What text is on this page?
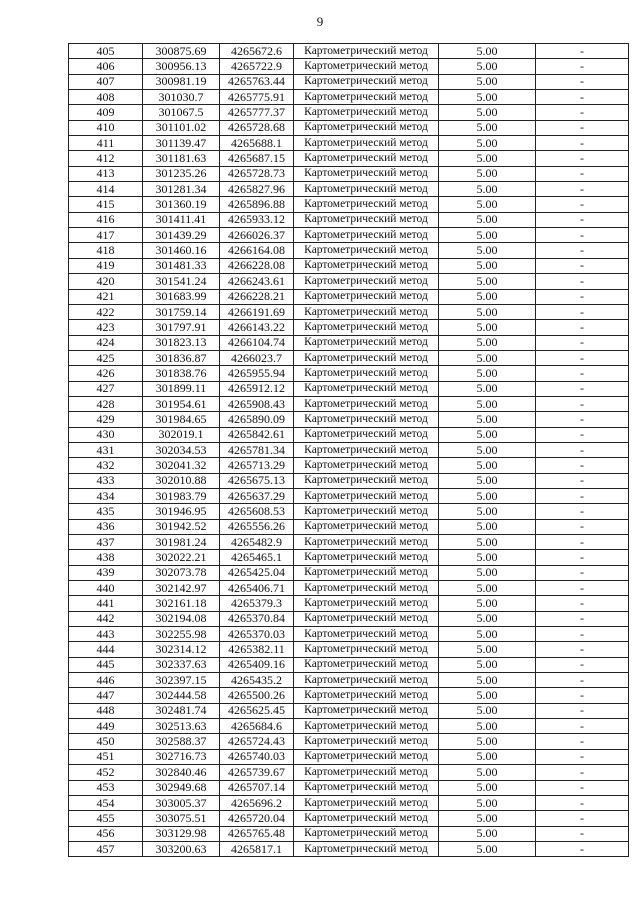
9
405	300875.69	4265672.6	Картометрический метод	5.00	-
406	300956.13	4265722.9	Картометрический метод	5.00	-
407	300981.19	4265763.44	Картометрический метод	5.00	-
408	301030.7	4265775.91	Картометрический метод	5.00	-
409	301067.5	4265777.37	Картометрический метод	5.00	-
410	301101.02	4265728.68	Картометрический метод	5.00	-
411	301139.47	4265688.1	Картометрический метод	5.00	-
412	301181.63	4265687.15	Картометрический метод	5.00	-
413	301235.26	4265728.73	Картометрический метод	5.00	-
414	301281.34	4265827.96	Картометрический метод	5.00	-
415	301360.19	4265896.88	Картометрический метод	5.00	-
416	301411.41	4265933.12	Картометрический метод	5.00	-
417	301439.29	4266026.37	Картометрический метод	5.00	-
418	301460.16	4266164.08	Картометрический метод	5.00	-
419	301481.33	4266228.08	Картометрический метод	5.00	-
420	301541.24	4266243.61	Картометрический метод	5.00	-
421	301683.99	4266228.21	Картометрический метод	5.00	-
422	301759.14	4266191.69	Картометрический метод	5.00	-
423	301797.91	4266143.22	Картометрический метод	5.00	-
424	301823.13	4266104.74	Картометрический метод	5.00	-
425	301836.87	4266023.7	Картометрический метод	5.00	-
426	301838.76	4265955.94	Картометрический метод	5.00	-
427	301899.11	4265912.12	Картометрический метод	5.00	-
428	301954.61	4265908.43	Картометрический метод	5.00	-
429	301984.65	4265890.09	Картометрический метод	5.00	-
430	302019.1	4265842.61	Картометрический метод	5.00	-
431	302034.53	4265781.34	Картометрический метод	5.00	-
432	302041.32	4265713.29	Картометрический метод	5.00	-
433	302010.88	4265675.13	Картометрический метод	5.00	-
434	301983.79	4265637.29	Картометрический метод	5.00	-
435	301946.95	4265608.53	Картометрический метод	5.00	-
436	301942.52	4265556.26	Картометрический метод	5.00	-
437	301981.24	4265482.9	Картометрический метод	5.00	-
438	302022.21	4265465.1	Картометрический метод	5.00	-
439	302073.78	4265425.04	Картометрический метод	5.00	-
440	302142.97	4265406.71	Картометрический метод	5.00	-
441	302161.18	4265379.3	Картометрический метод	5.00	-
442	302194.08	4265370.84	Картометрический метод	5.00	-
443	302255.98	4265370.03	Картометрический метод	5.00	-
444	302314.12	4265382.11	Картометрический метод	5.00	-
445	302337.63	4265409.16	Картометрический метод	5.00	-
446	302397.15	4265435.2	Картометрический метод	5.00	-
447	302444.58	4265500.26	Картометрический метод	5.00	-
448	302481.74	4265625.45	Картометрический метод	5.00	-
449	302513.63	4265684.6	Картометрический метод	5.00	-
450	302588.37	4265724.43	Картометрический метод	5.00	-
451	302716.73	4265740.03	Картометрический метод	5.00	-
452	302840.46	4265739.67	Картометрический метод	5.00	-
453	302949.68	4265707.14	Картометрический метод	5.00	-
454	303005.37	4265696.2	Картометрический метод	5.00	-
455	303075.51	4265720.04	Картометрический метод	5.00	-
456	303129.98	4265765.48	Картометрический метод	5.00	-
457	303200.63	4265817.1	Картометрический метод	5.00	-
